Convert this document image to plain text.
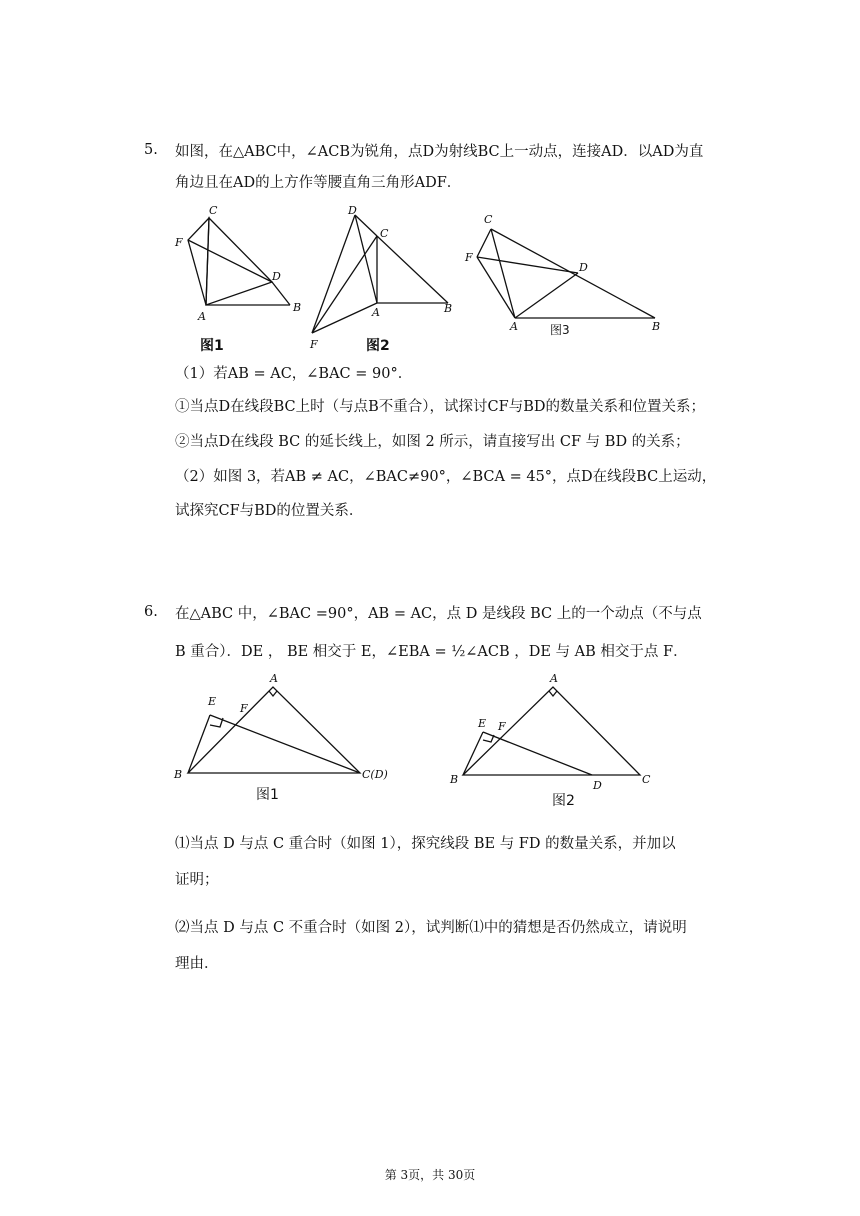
5. 如图，在△ABC中，∠ACB为锐角，点D为射线BC上一动点，连接AD．以AD为直
角边且在AD的上方作等腰直角三角形ADF．
C
F
D
A
B
图1
D
C
A	B
F	图2
C
F
D
A	B
图3
（1）若AB = AC，∠BAC = 90°．
①当点D在线段BC上时（与点B不重合），试探讨CF与BD的数量关系和位置关系；
②当点D在线段 BC 的延长线上，如图 2 所示，请直接写出 CF 与 BD 的关系；
（2）如图 3，若AB ≠ AC，∠BAC≠90°，∠BCA = 45°，点D在线段BC上运动，
试探究CF与BD的位置关系．
6. 在△ABC 中，∠BAC =90°，AB = AC，点 D 是线段 BC 上的一个动点（不与点
B 重合）．DE ， BE 相交于 E，∠EBA = ½∠ACB ，DE 与 AB 相交于点 F．
A
E
F
B	C(D)
图1
A
E F
B	D	C
图2
⑴当点 D 与点 C 重合时（如图 1），探究线段 BE 与 FD 的数量关系，并加以
证明；
⑵当点 D 与点 C 不重合时（如图 2），试判断⑴中的猜想是否仍然成立，请说明
理由．
第 3页，共 30页
